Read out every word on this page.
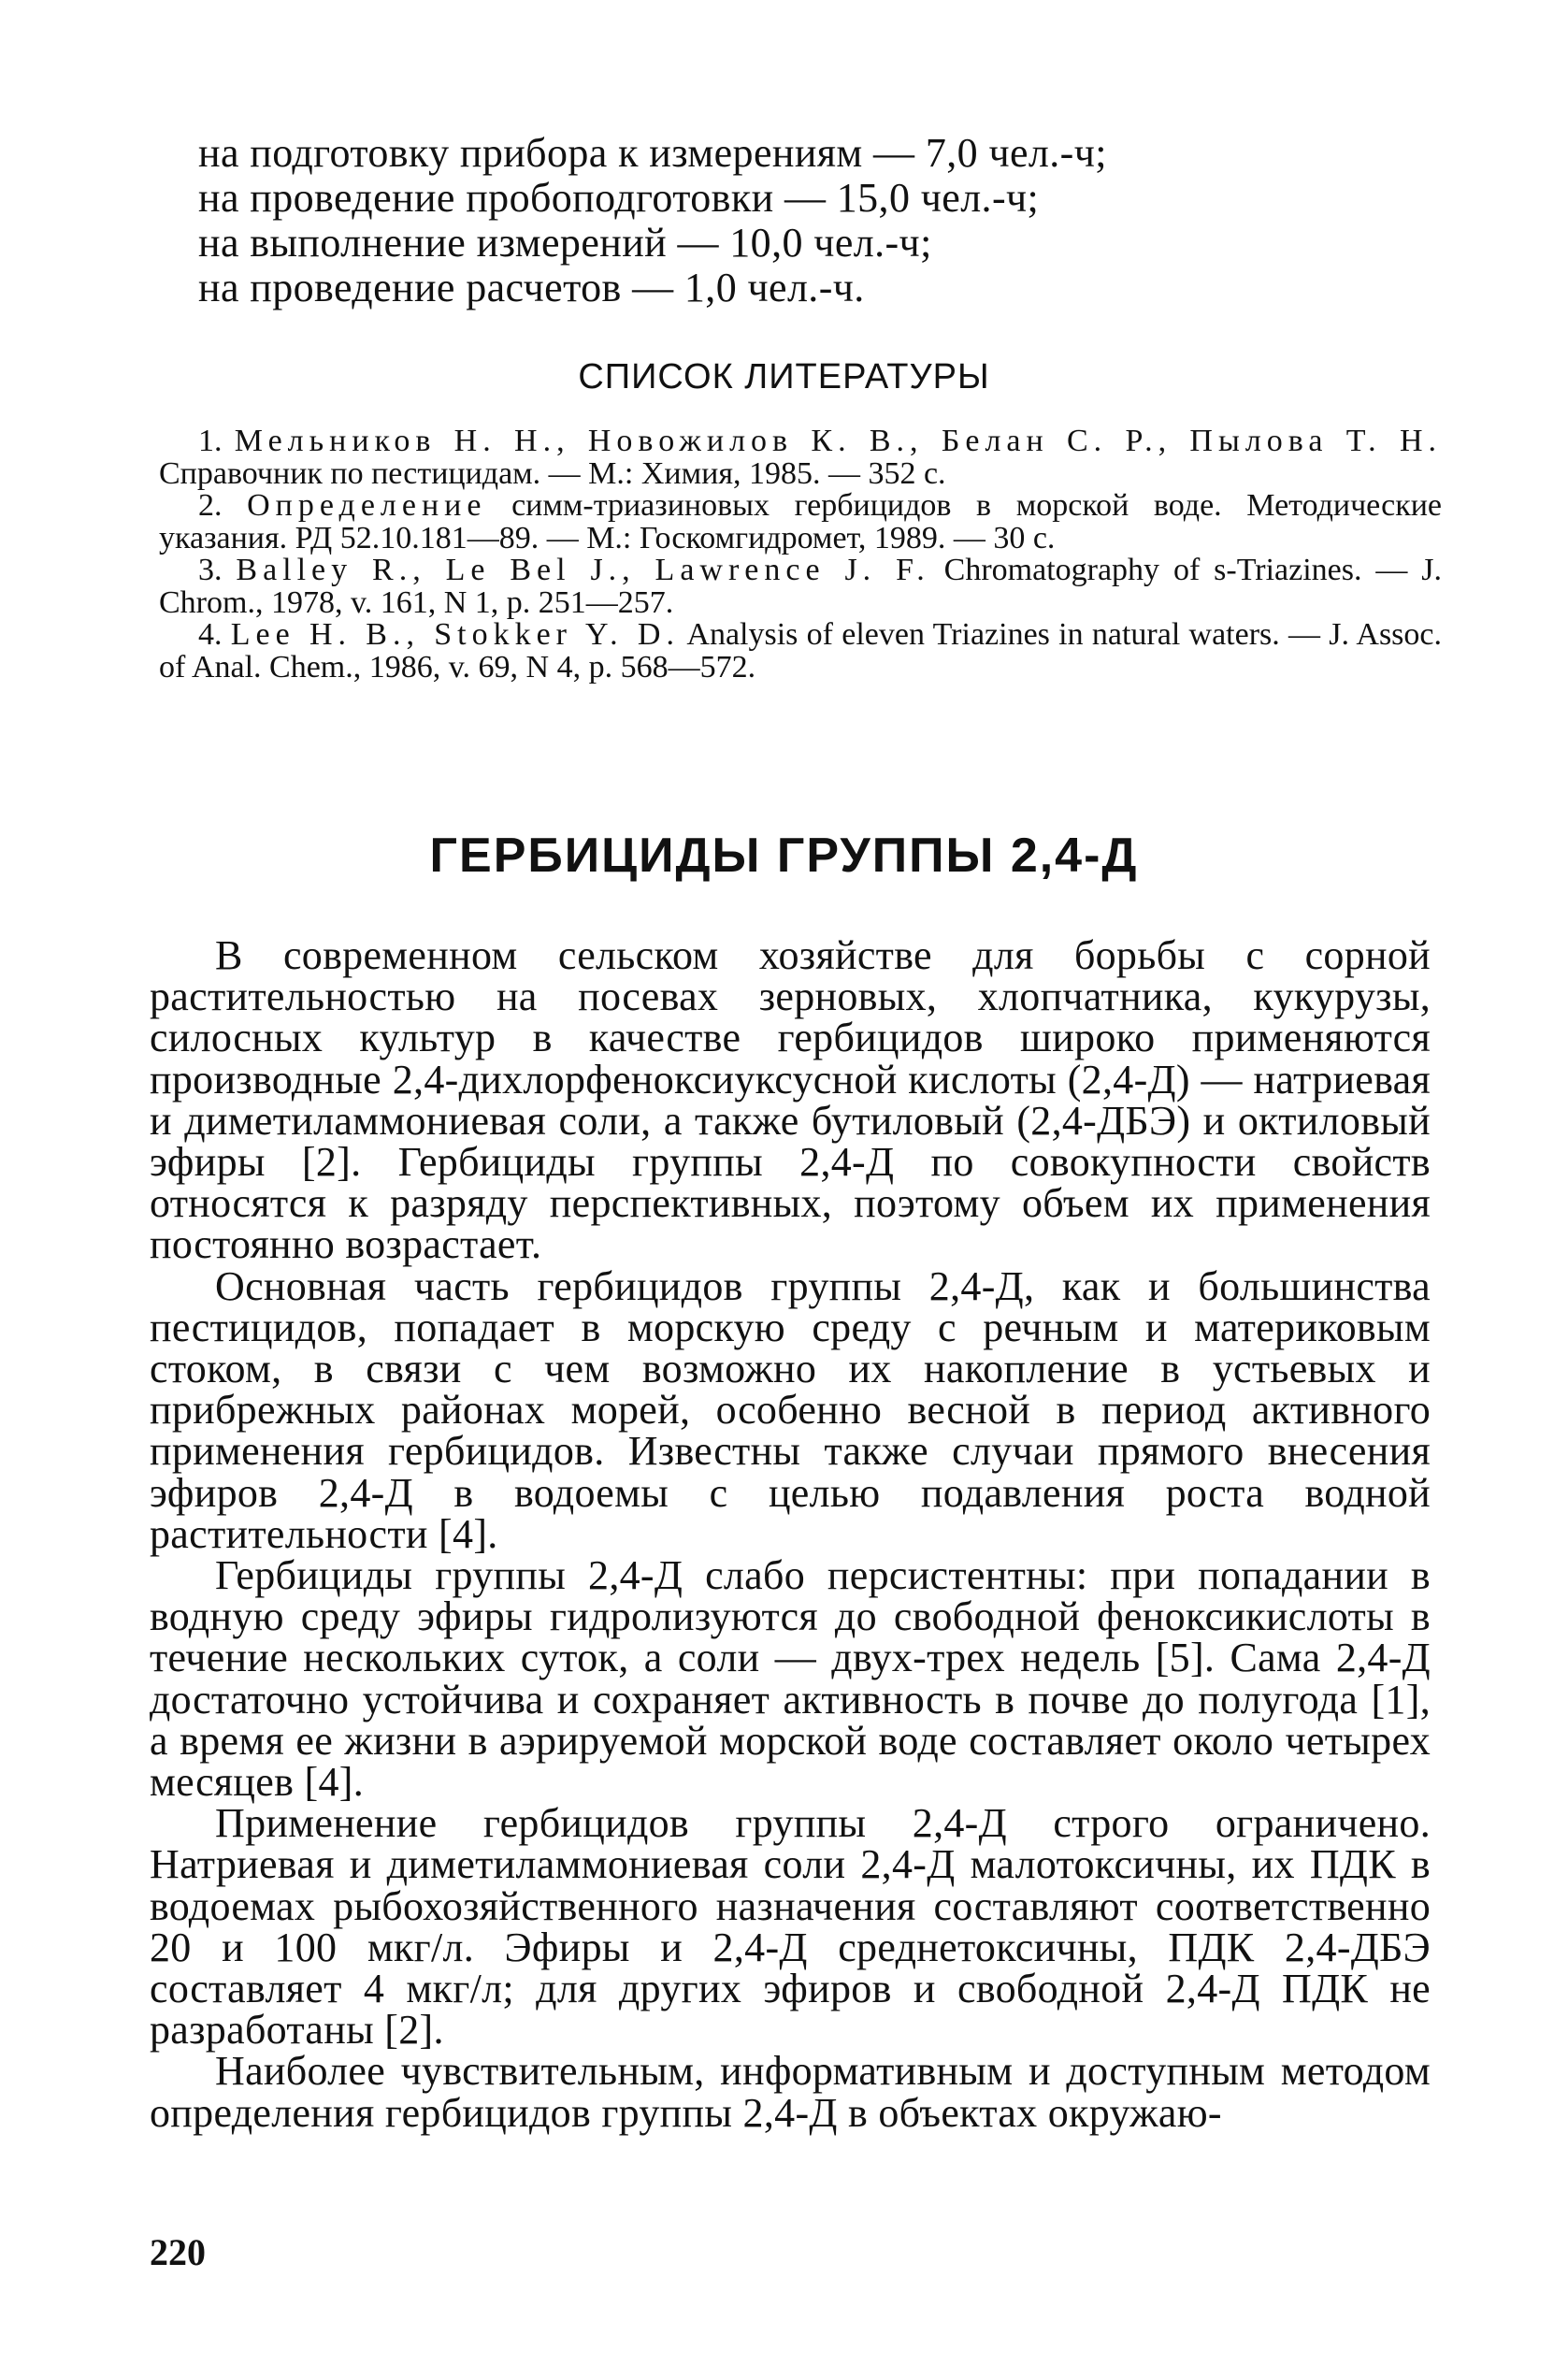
на подготовку прибора к измерениям — 7,0 чел.-ч;
на проведение пробоподготовки — 15,0 чел.-ч;
на выполнение измерений — 10,0 чел.-ч;
на проведение расчетов — 1,0 чел.-ч.
СПИСОК ЛИТЕРАТУРЫ

1. Мельников Н. Н., Новожилов К. В., Белан С. Р., Пылова Т. Н. Справочник по пестицидам. — М.: Химия, 1985. — 352 с.

2. Определение симм-триазиновых гербицидов в морской воде. Методические указания. РД 52.10.181—89. — М.: Госкомгидромет, 1989. — 30 с.

3. Balley R., Le Bel J., Lawrence J. F. Chromatography of s-Triazines. — J. Chrom., 1978, v. 161, N 1, p. 251—257.

4. Lee H. B., Stokker Y. D. Analysis of eleven Triazines in natural waters. — J. Assoc. of Anal. Chem., 1986, v. 69, N 4, p. 568—572.

ГЕРБИЦИДЫ ГРУППЫ 2,4-Д

В современном сельском хозяйстве для борьбы с сорной растительностью на посевах зерновых, хлопчатника, кукурузы, силосных культур в качестве гербицидов широко применяются производные 2,4-дихлорфеноксиуксусной кислоты (2,4-Д) — натриевая и диметиламмониевая соли, а также бутиловый (2,4-ДБЭ) и октиловый эфиры [2]. Гербициды группы 2,4-Д по совокупности свойств относятся к разряду перспективных, поэтому объем их применения постоянно возрастает.

Основная часть гербицидов группы 2,4-Д, как и большинства пестицидов, попадает в морскую среду с речным и материковым стоком, в связи с чем возможно их накопление в устьевых и прибрежных районах морей, особенно весной в период активного применения гербицидов. Известны также случаи прямого внесения эфиров 2,4-Д в водоемы с целью подавления роста водной растительности [4].

Гербициды группы 2,4-Д слабо персистентны: при попадании в водную среду эфиры гидролизуются до свободной феноксикислоты в течение нескольких суток, а соли — двух-трех недель [5]. Сама 2,4-Д достаточно устойчива и сохраняет активность в почве до полугода [1], а время ее жизни в аэрируемой морской воде составляет около четырех месяцев [4].

Применение гербицидов группы 2,4-Д строго ограничено. Натриевая и диметиламмониевая соли 2,4-Д малотоксичны, их ПДК в водоемах рыбохозяйственного назначения составляют соответственно 20 и 100 мкг/л. Эфиры и 2,4-Д среднетоксичны, ПДК 2,4-ДБЭ составляет 4 мкг/л; для других эфиров и свободной 2,4-Д ПДК не разработаны [2].

Наиболее чувствительным, информативным и доступным методом определения гербицидов группы 2,4-Д в объектах окружаю-

220
